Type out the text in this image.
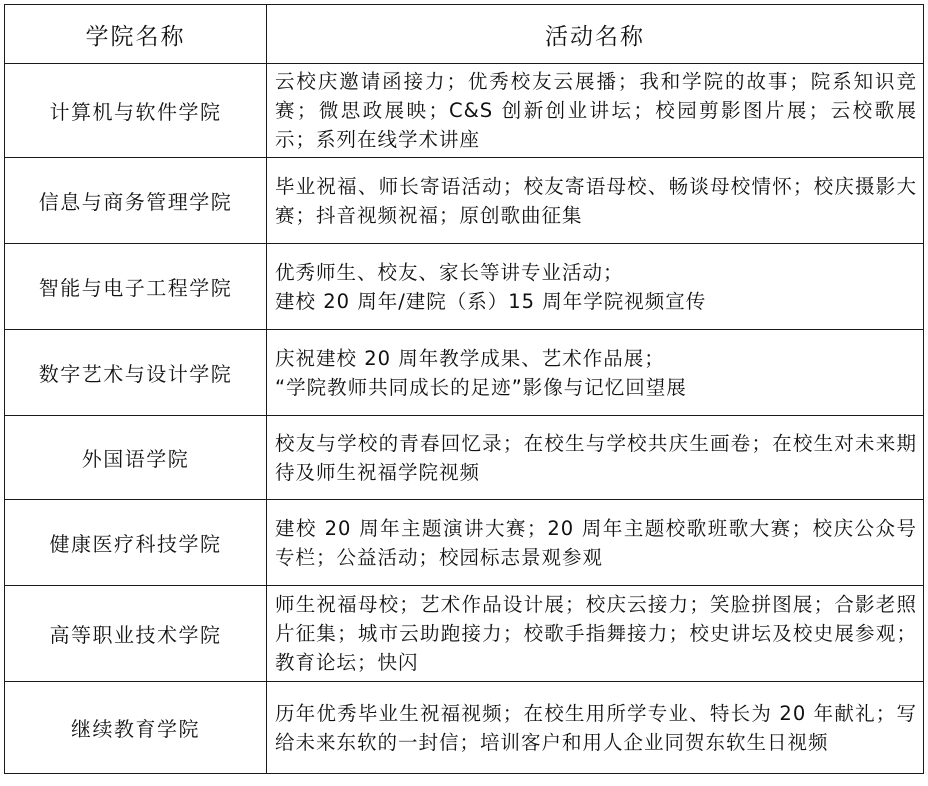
学院名称	活动名称
计算机与软件学院	云校庆邀请函接力；优秀校友云展播；我和学院的故事；院系知识竞赛；微思政展映；C&S 创新创业讲坛；校园剪影图片展；云校歌展示；系列在线学术讲座
信息与商务管理学院	毕业祝福、师长寄语活动；校友寄语母校、畅谈母校情怀；校庆摄影大赛；抖音视频祝福；原创歌曲征集
智能与电子工程学院	优秀师生、校友、家长等讲专业活动；
建校 20 周年/建院（系）15 周年学院视频宣传
数字艺术与设计学院	庆祝建校 20 周年教学成果、艺术作品展；
“学院教师共同成长的足迹”影像与记忆回望展
外国语学院	校友与学校的青春回忆录；在校生与学校共庆生画卷；在校生对未来期待及师生祝福学院视频
健康医疗科技学院	建校 20 周年主题演讲大赛；20 周年主题校歌班歌大赛；校庆公众号专栏；公益活动；校园标志景观参观
高等职业技术学院	师生祝福母校；艺术作品设计展；校庆云接力；笑脸拼图展；合影老照片征集；城市云助跑接力；校歌手指舞接力；校史讲坛及校史展参观；教育论坛；快闪
继续教育学院	历年优秀毕业生祝福视频；在校生用所学专业、特长为 20 年献礼；写给未来东软的一封信；培训客户和用人企业同贺东软生日视频
